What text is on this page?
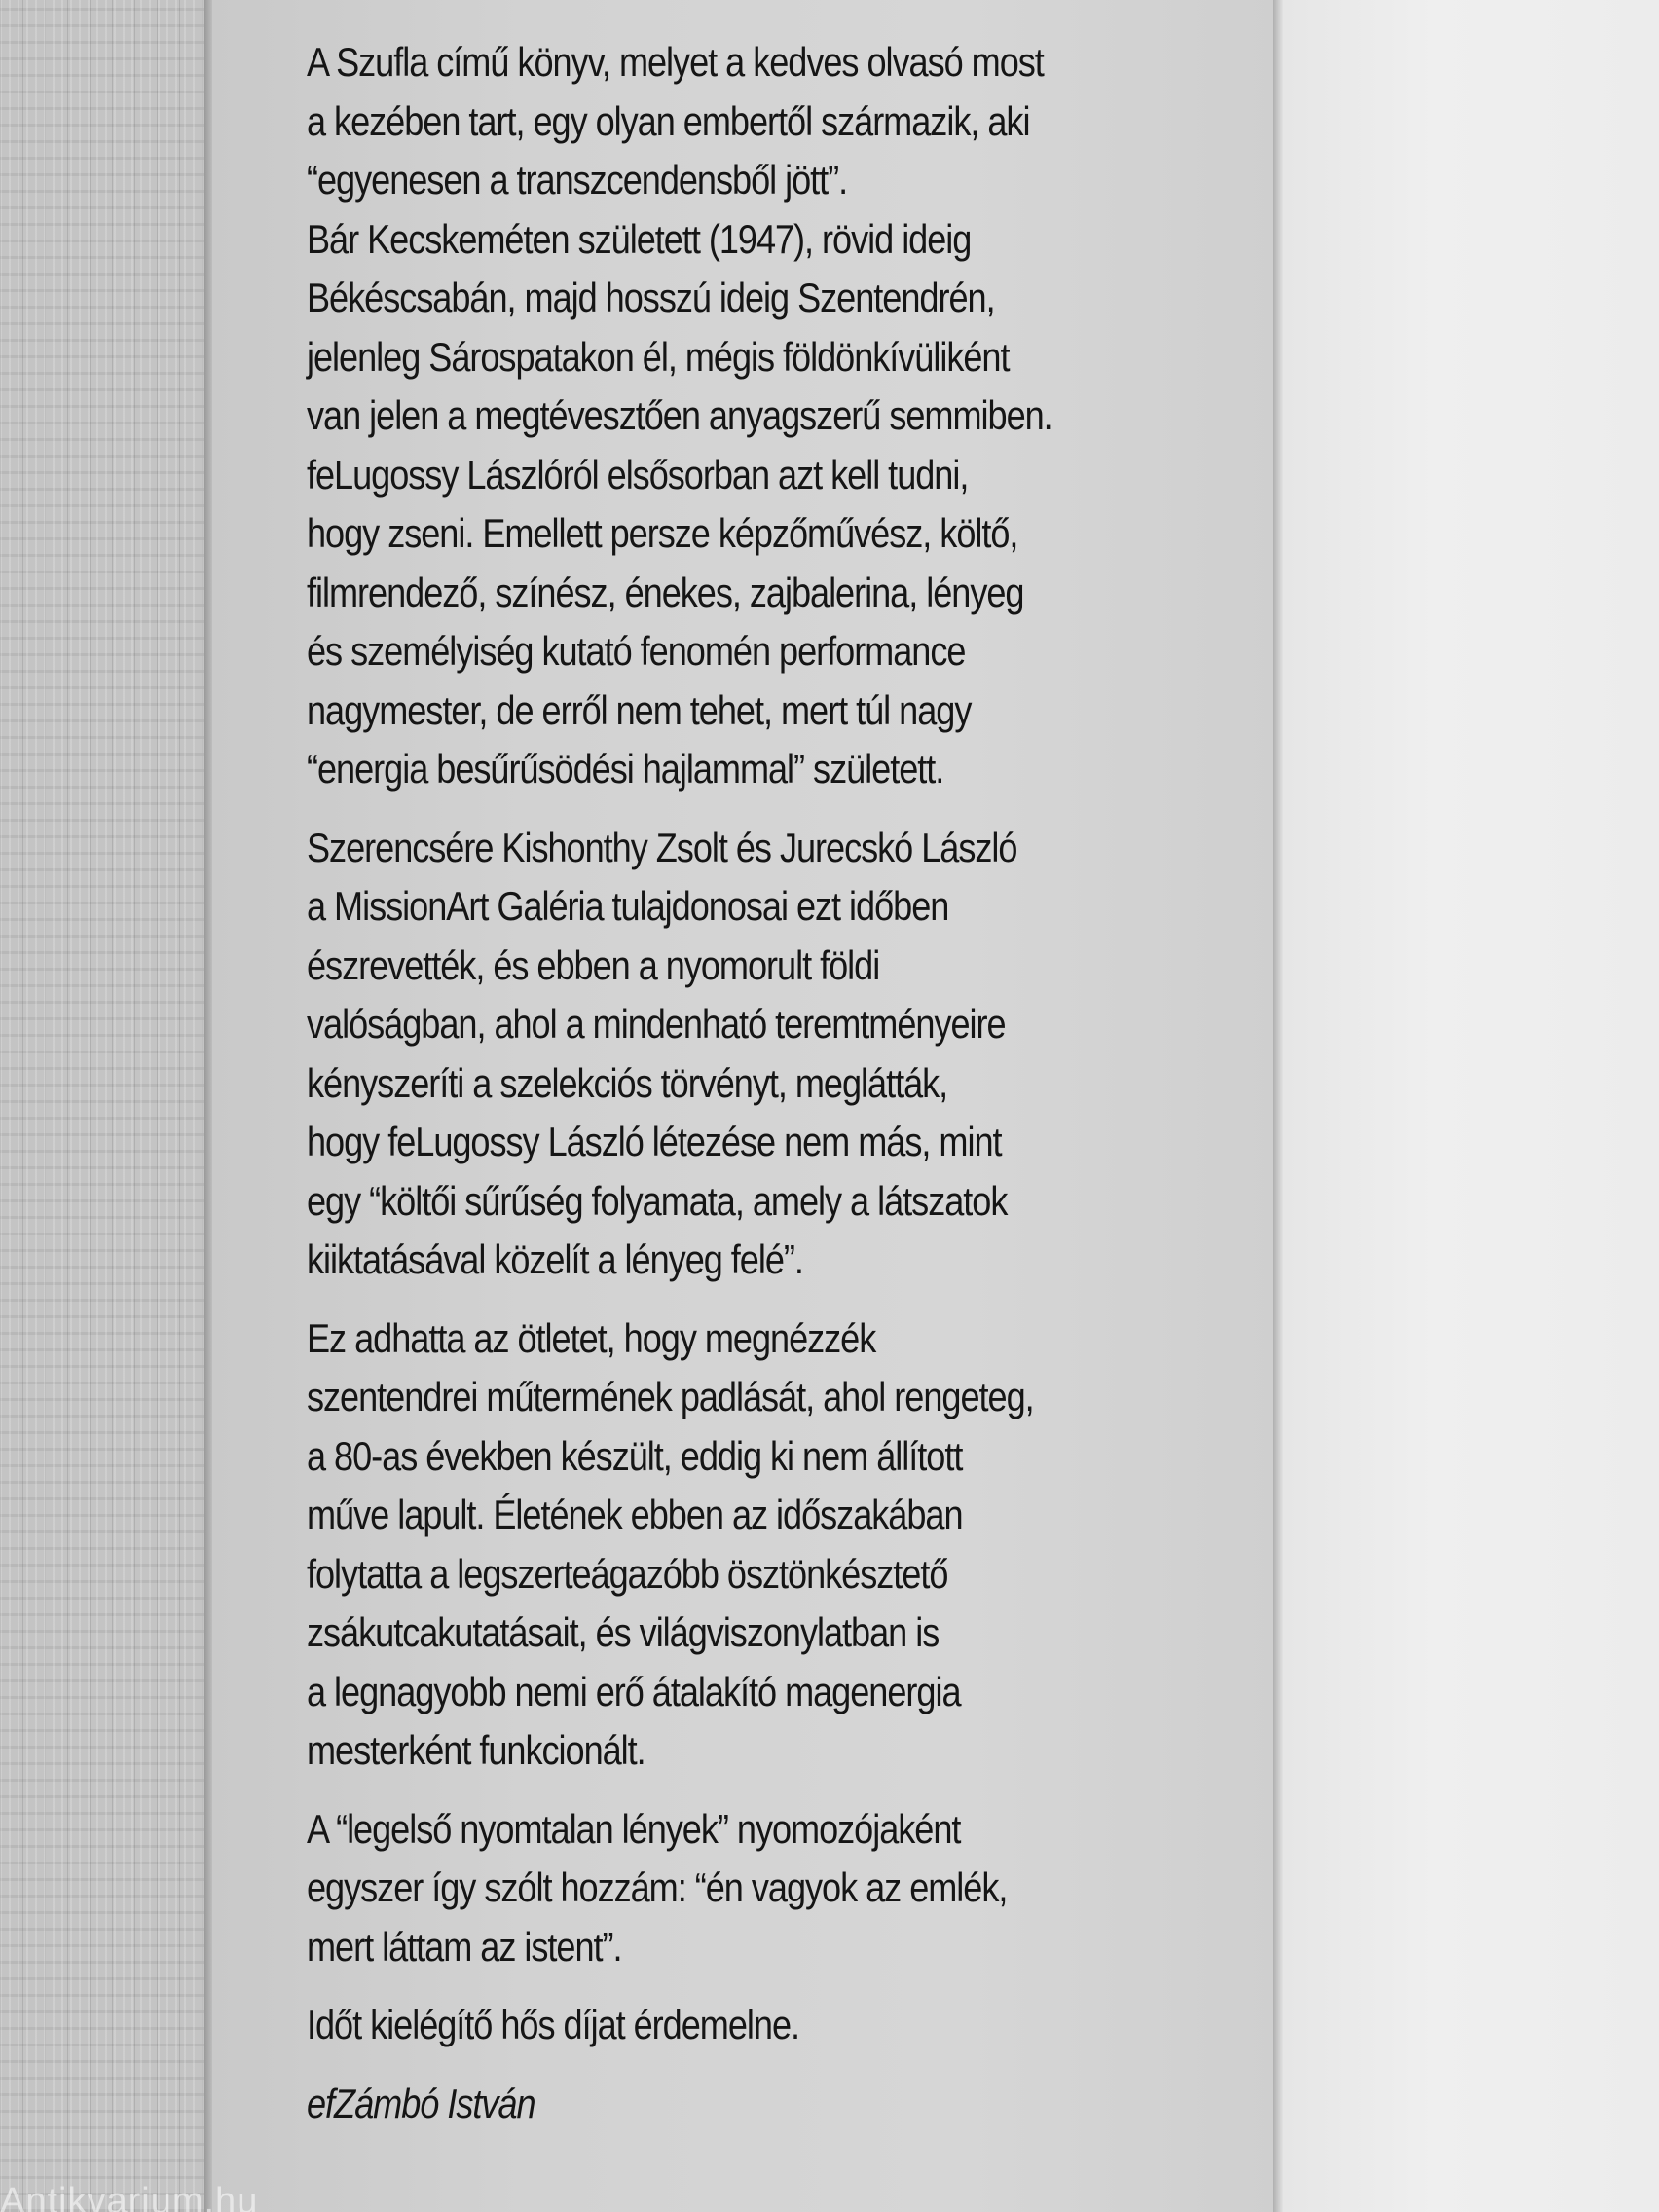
A Szufla című könyv, melyet a kedves olvasó most
a kezében tart, egy olyan embertől származik, aki
“egyenesen a transzcendensből jött”.
Bár Kecskeméten született (1947), rövid ideig
Békéscsabán, majd hosszú ideig Szentendrén,
jelenleg Sárospatakon él, mégis földönkívüliként
van jelen a megtévesztően anyagszerű semmiben.
feLugossy Lászlóról elsősorban azt kell tudni,
hogy zseni. Emellett persze képzőművész, költő,
filmrendező, színész, énekes, zajbalerina, lényeg
és személyiség kutató fenomén performance
nagymester, de erről nem tehet, mert túl nagy
“energia besűrűsödési hajlammal” született.

Szerencsére Kishonthy Zsolt és Jurecskó László
a MissionArt Galéria tulajdonosai ezt időben
észrevették, és ebben a nyomorult földi
valóságban, ahol a mindenható teremtményeire
kényszeríti a szelekciós törvényt, meglátták,
hogy feLugossy László létezése nem más, mint
egy “költői sűrűség folyamata, amely a látszatok
kiiktatásával közelít a lényeg felé”.

Ez adhatta az ötletet, hogy megnézzék
szentendrei műtermének padlását, ahol rengeteg,
a 80-as években készült, eddig ki nem állított
műve lapult. Életének ebben az időszakában
folytatta a legszerteágazóbb ösztönkésztető
zsákutcakutatásait, és világviszonylatban is
a legnagyobb nemi erő átalakító magenergia
mesterként funkcionált.

A “legelső nyomtalan lények” nyomozójaként
egyszer így szólt hozzám: “én vagyok az emlék,
mert láttam az istent”.

Időt kielégítő hős díjat érdemelne.

efZámbó István

Antikvarium.hu
